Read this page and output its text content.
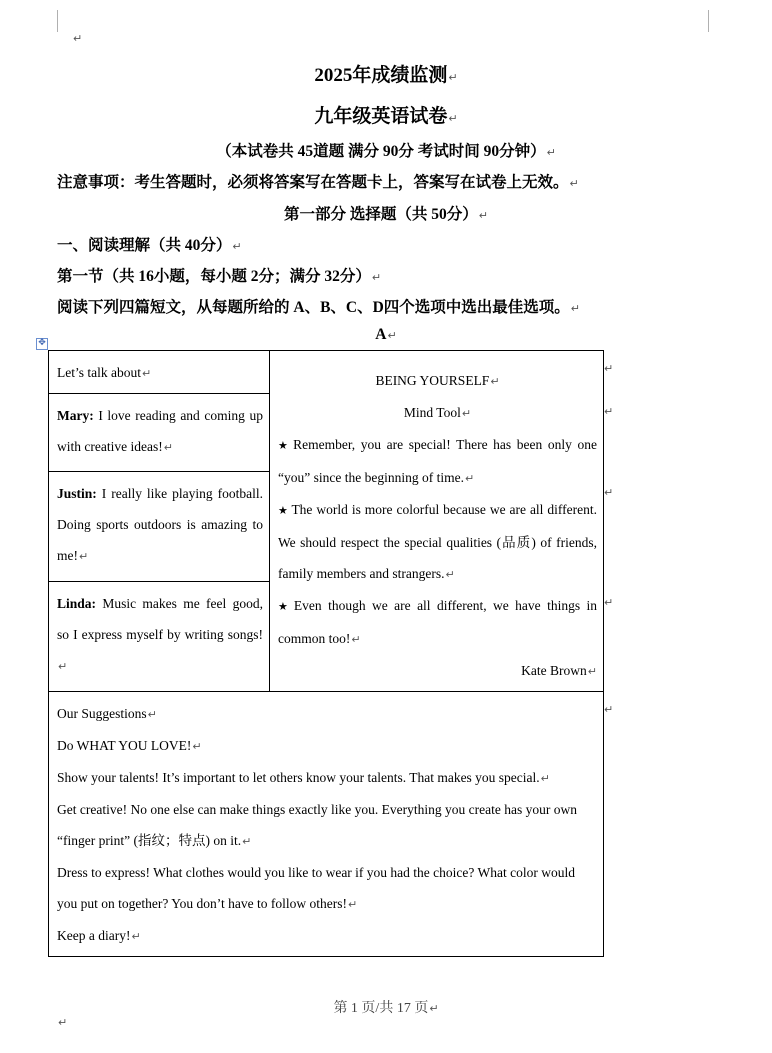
↵
2025年成绩监测↵
九年级英语试卷↵
（本试卷共 45道题 满分 90分 考试时间 90分钟）↵
注意事项：考生答题时，必须将答案写在答题卡上，答案写在试卷上无效。↵
第一部分 选择题（共 50分）↵
一、阅读理解（共 40分）↵
第一节（共 16小题，每小题 2分；满分 32分）↵
阅读下列四篇短文，从每题所给的 A、B、C、D四个选项中选出最佳选项。↵
A↵
✥
Let’s talk about↵	BEING YOURSELF↵
Mind Tool↵
★ Remember, you are special! There has been only one “you” since the beginning of time.↵
★ The world is more colorful because we are all different. We should respect the special qualities (品质) of friends, family members and strangers.↵
★ Even though we are all different, we have things in common too!↵
Kate Brown↵

Mary: I love reading and coming up with creative ideas!↵
Justin: I really like playing football. Doing sports outdoors is amazing to me!↵
Linda: Music makes me feel good, so I express myself by writing songs!↵

Our Suggestions↵
Do WHAT YOU LOVE!↵
Show your talents! It’s important to let others know your talents. That makes you special.↵
Get creative! No one else can make things exactly like you. Everything you create has your own “finger print” (指纹；特点) on it.↵
Dress to express! What clothes would you like to wear if you had the choice? What color would you put on together? You don’t have to follow others!↵
Keep a diary!↵
↵
↵
↵
↵
↵
第 1 页/共 17 页↵
↵
